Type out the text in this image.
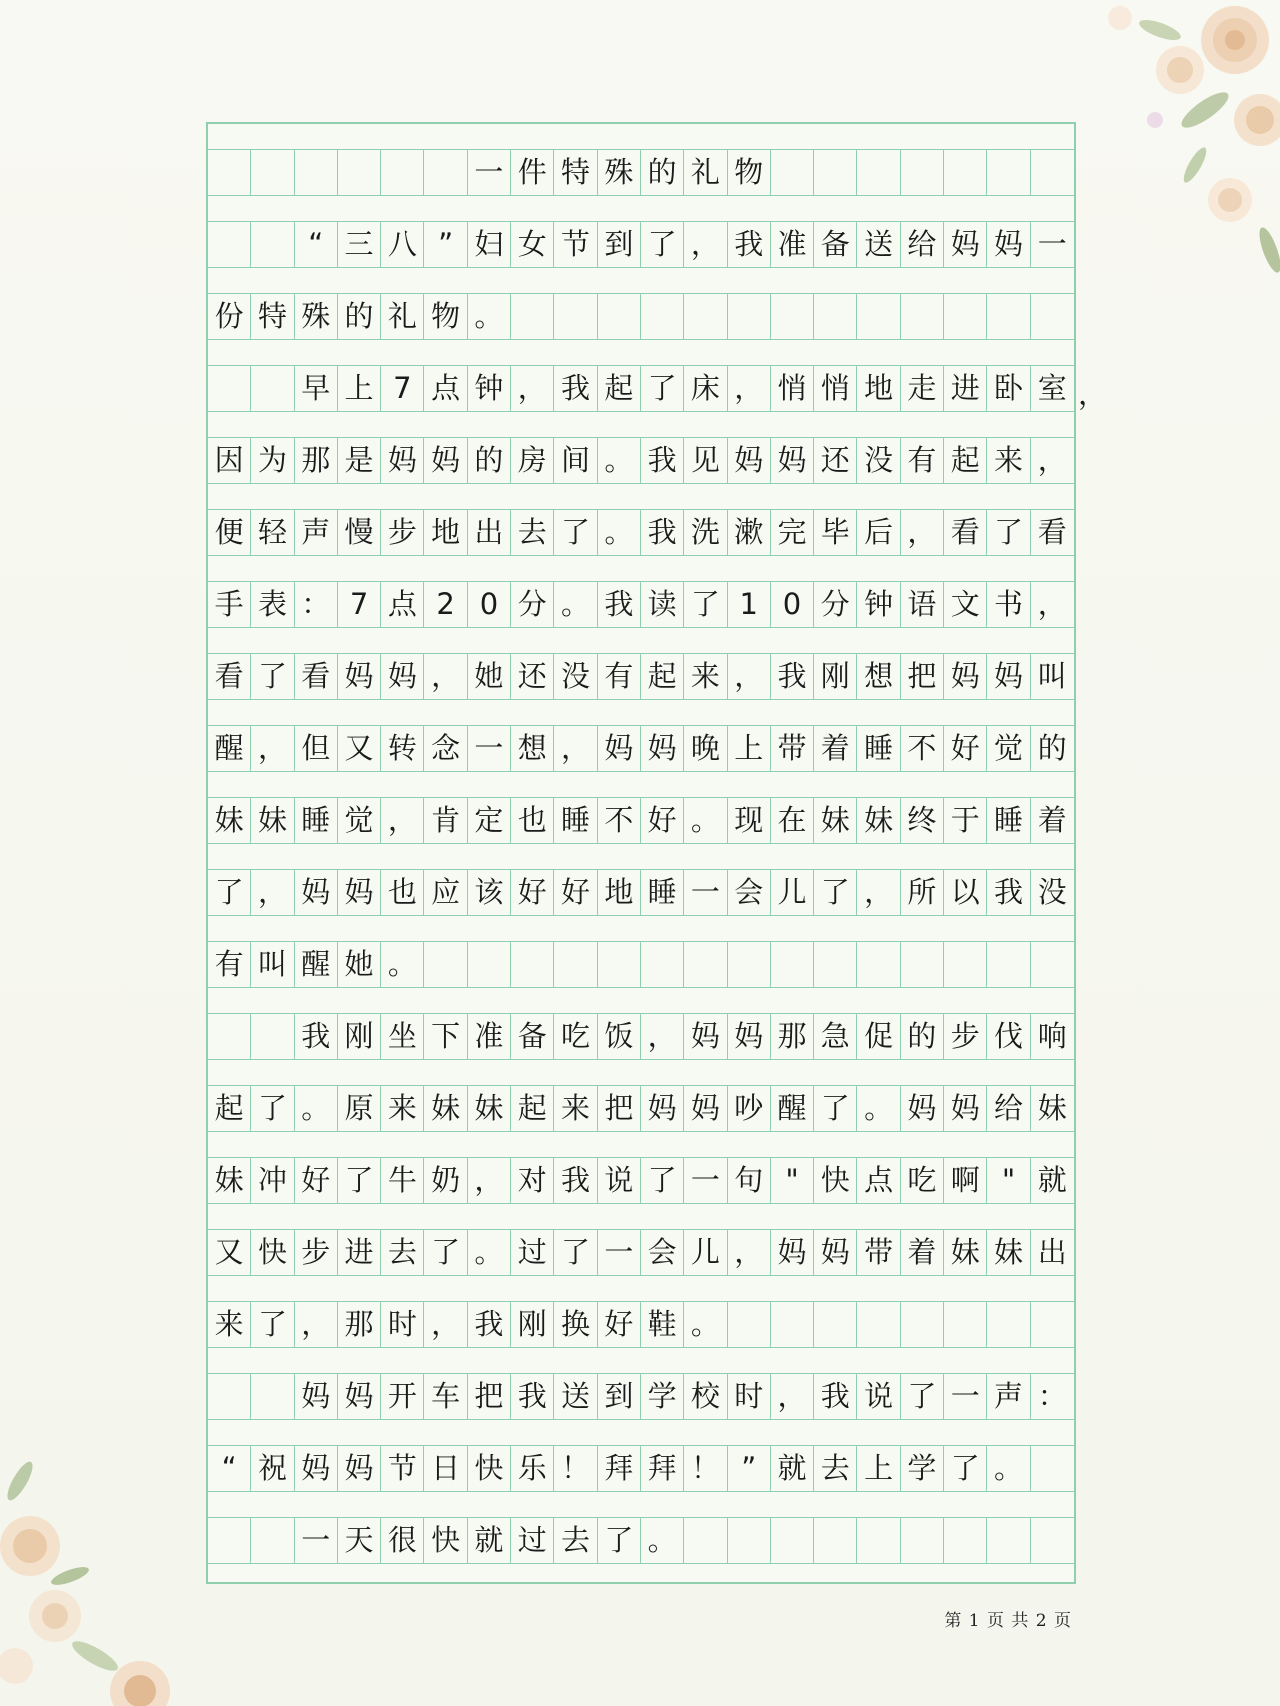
一 件 特 殊 的 礼 物
“ 三 八 ” 妇 女 节 到 了 ， 我 准 备 送 给 妈 妈 一
份 特 殊 的 礼 物 。
早 上 7 点 钟 ， 我 起 了 床 ， 悄 悄 地 走 进 卧 室
因 为 那 是 妈 妈 的 房 间 。 我 见 妈 妈 还 没 有 起 来 ，
便 轻 声 慢 步 地 出 去 了 。 我 洗 漱 完 毕 后 ， 看 了 看
手 表 ： 7 点 2 0 分 。 我 读 了 1 0 分 钟 语 文 书 ，
看 了 看 妈 妈 ， 她 还 没 有 起 来 ， 我 刚 想 把 妈 妈 叫
醒 ， 但 又 转 念 一 想 ， 妈 妈 晚 上 带 着 睡 不 好 觉 的
妹 妹 睡 觉 ， 肯 定 也 睡 不 好 。 现 在 妹 妹 终 于 睡 着
了 ， 妈 妈 也 应 该 好 好 地 睡 一 会 儿 了 ， 所 以 我 没
有 叫 醒 她 。
我 刚 坐 下 准 备 吃 饭 ， 妈 妈 那 急 促 的 步 伐 响
起 了 。 原 来 妹 妹 起 来 把 妈 妈 吵 醒 了 。 妈 妈 给 妹
妹 冲 好 了 牛 奶 ， 对 我 说 了 一 句 " 快 点 吃 啊 " 就
又 快 步 进 去 了 。 过 了 一 会 儿 ， 妈 妈 带 着 妹 妹 出
来 了 ， 那 时 ， 我 刚 换 好 鞋 。
妈 妈 开 车 把 我 送 到 学 校 时 ， 我 说 了 一 声 ：
“ 祝 妈 妈 节 日 快 乐 ！ 拜 拜 ！ ” 就 去 上 学 了 。
一 天 很 快 就 过 去 了 。
，
第 1 页 共 2 页
